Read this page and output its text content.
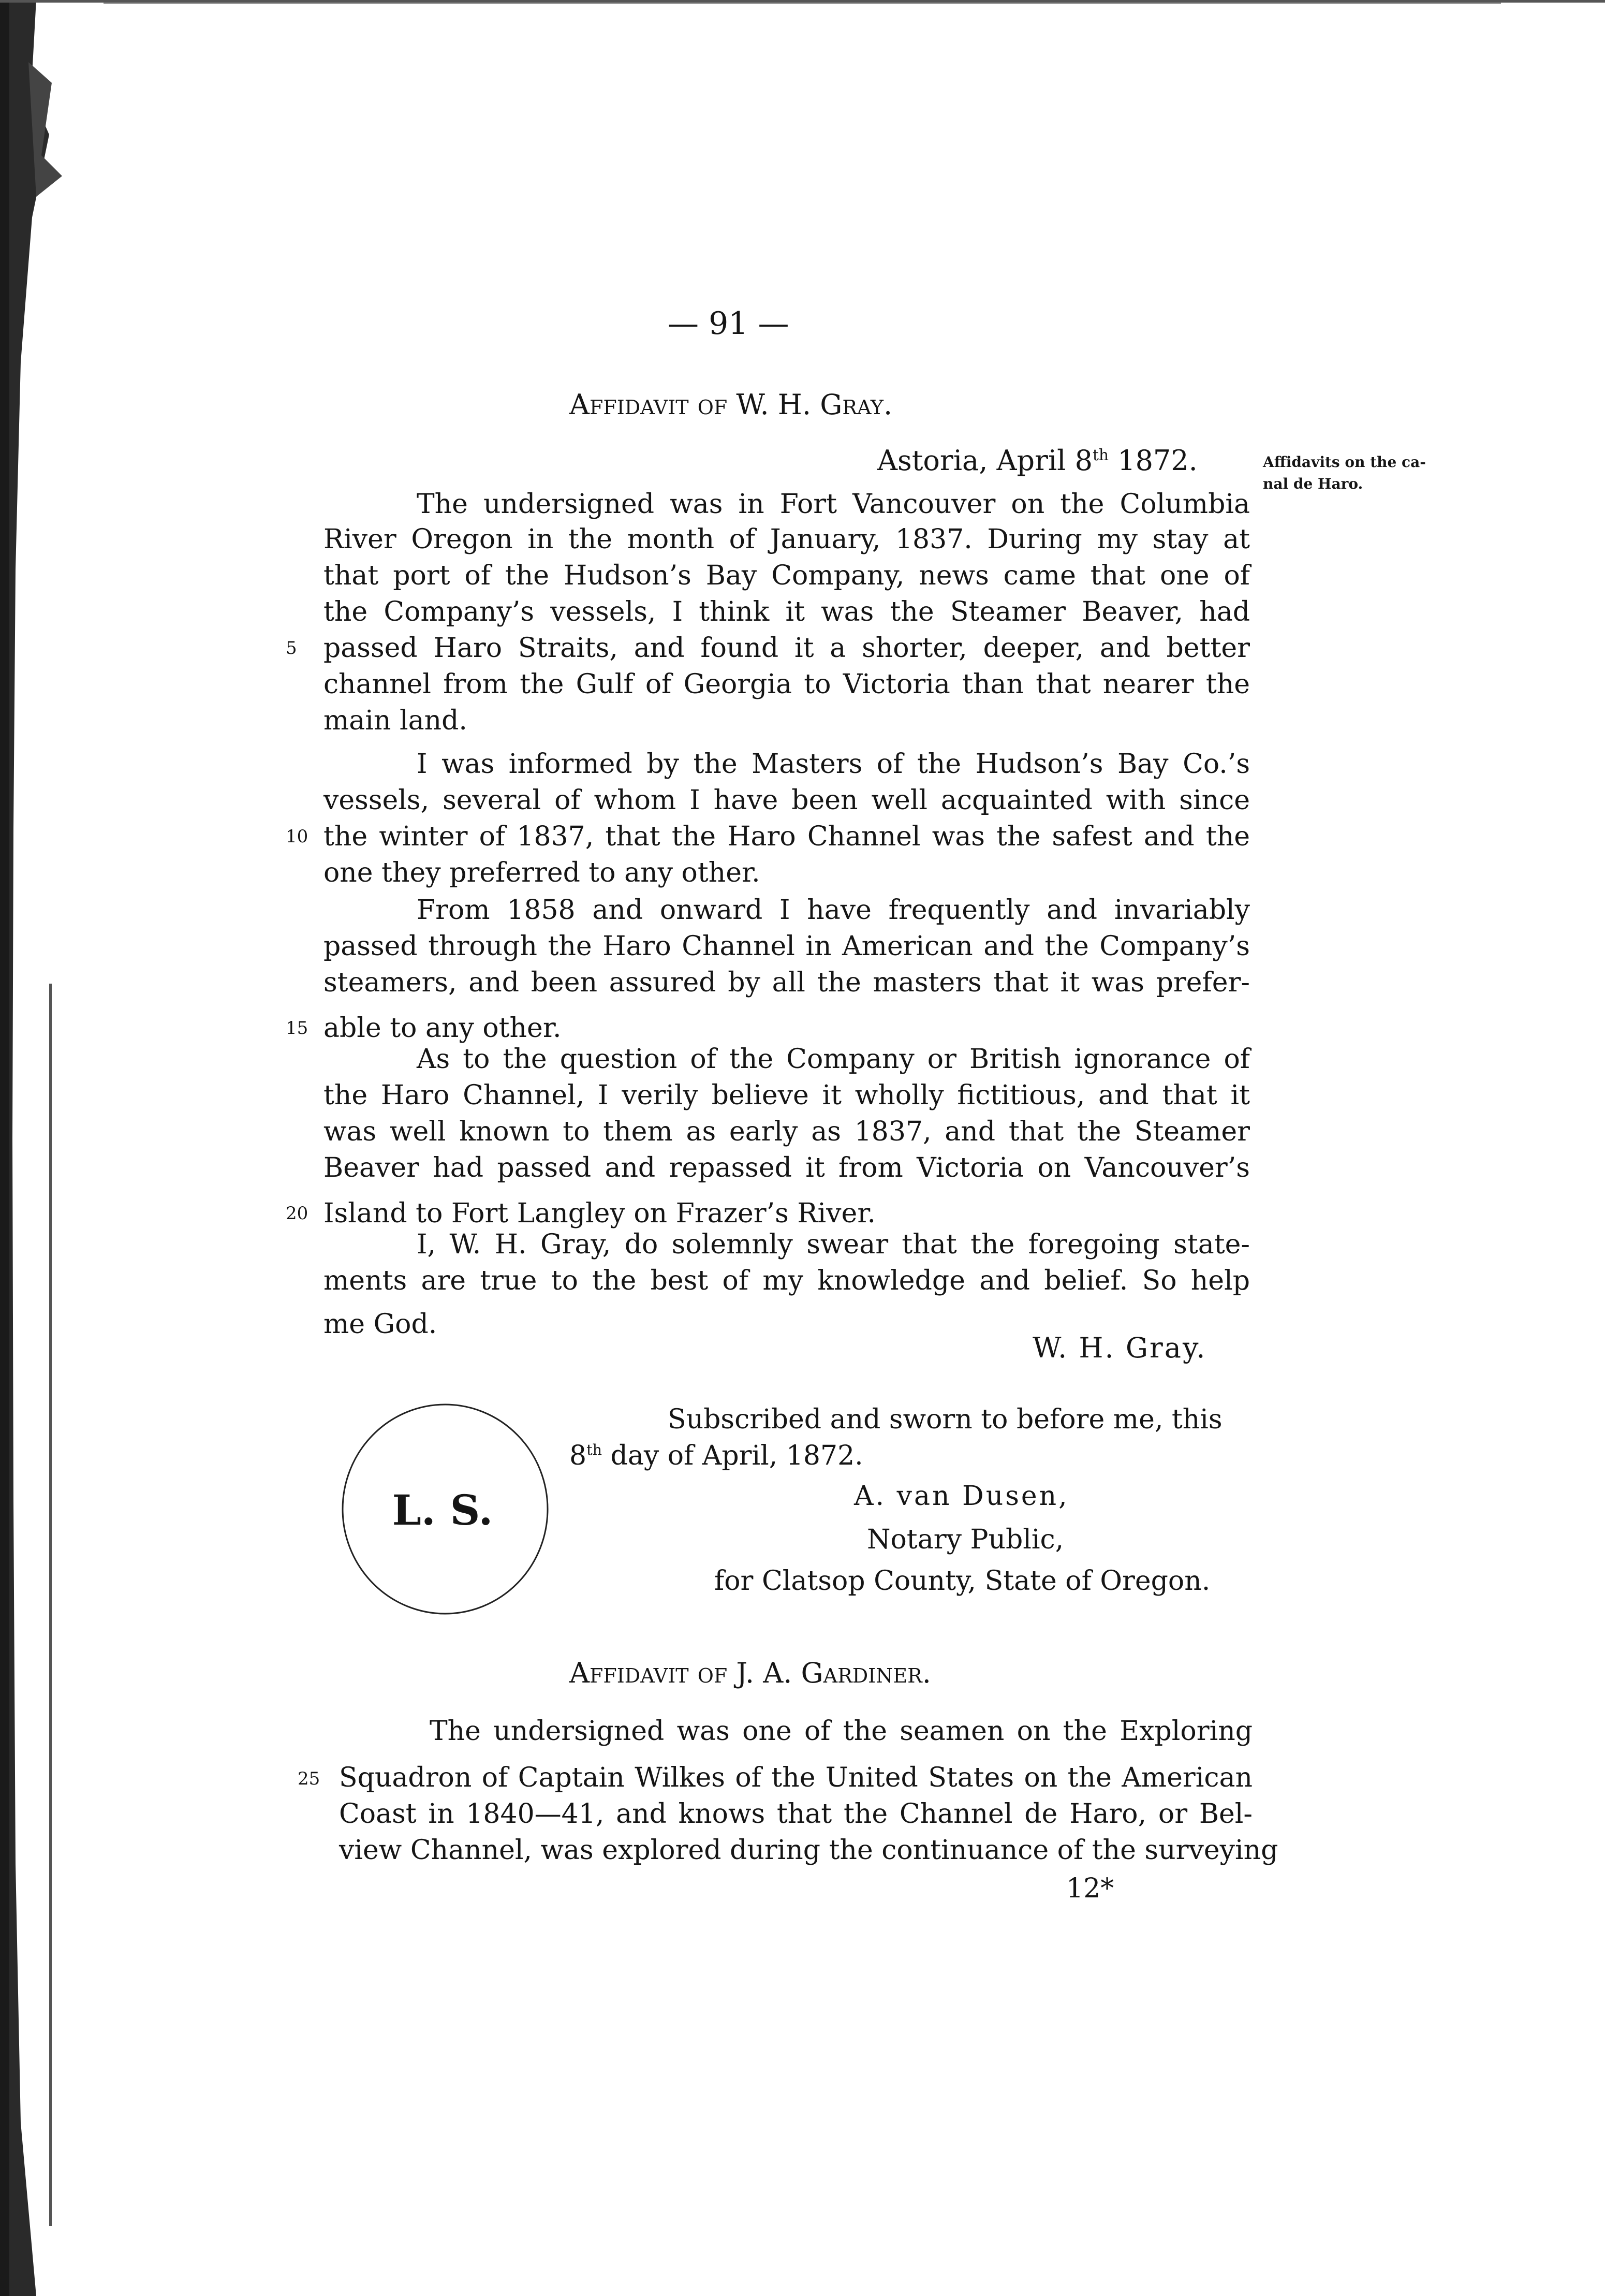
— 91 —
Affidavits on the ca-
nal de Haro.
Affidavit of W. H. Gray.
Astoria, April 8th 1872.
The undersigned was in Fort Vancouver on the Columbia
River Oregon in the month of January, 1837. During my stay at
that port of the Hudson’s Bay Company, news came that one of
the Company’s vessels, I think it was the Steamer Beaver, had
5 passed Haro Straits, and found it a shorter, deeper, and better
channel from the Gulf of Georgia to Victoria than that nearer the
main land.
I was informed by the Masters of the Hudson’s Bay Co.’s
vessels, several of whom I have been well acquainted with since
10 the winter of 1837, that the Haro Channel was the safest and the
one they preferred to any other.
From 1858 and onward I have frequently and invariably
passed through the Haro Channel in American and the Company’s
steamers, and been assured by all the masters that it was prefer-
15 able to any other.
As to the question of the Company or British ignorance of
the Haro Channel, I verily believe it wholly fictitious, and that it
was well known to them as early as 1837, and that the Steamer
Beaver had passed and repassed it from Victoria on Vancouver’s
20 Island to Fort Langley on Frazer’s River.
I, W. H. Gray, do solemnly swear that the foregoing state-
ments are true to the best of my knowledge and belief. So help
me God.
W. H. Gray.
L. S.
Subscribed and sworn to before me, this
8th day of April, 1872.
A. van Dusen,
Notary Public,
for Clatsop County, State of Oregon.
Affidavit of J. A. Gardiner.
The undersigned was one of the seamen on the Exploring
25 Squadron of Captain Wilkes of the United States on the American
Coast in 1840—41, and knows that the Channel de Haro, or Bel-
view Channel, was explored during the continuance of the surveying
12*
